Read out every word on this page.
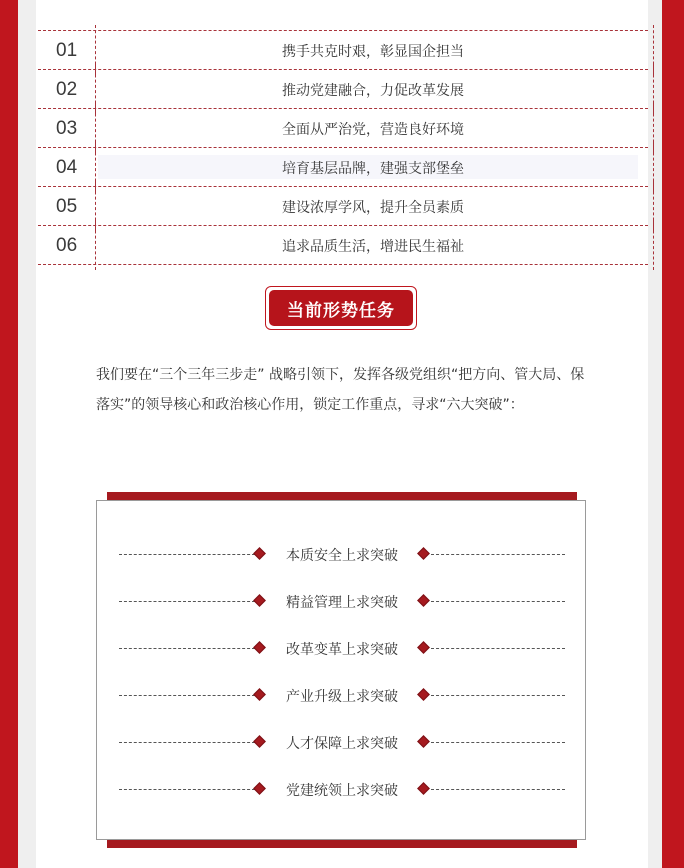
01	携手共克时艰，彰显国企担当
02	推动党建融合，力促改革发展
03	全面从严治党，营造良好环境
04	培育基层品牌，建强支部堡垒
05	建设浓厚学风，提升全员素质
06	追求品质生活，增进民生福祉
当前形势任务
我们要在“三个三年三步走” 战略引领下，发挥各级党组织“把方向、管大局、保落实”的领导核心和政治核心作用，锁定工作重点，寻求“六大突破”：
本质安全上求突破
精益管理上求突破
改革变革上求突破
产业升级上求突破
人才保障上求突破
党建统领上求突破
